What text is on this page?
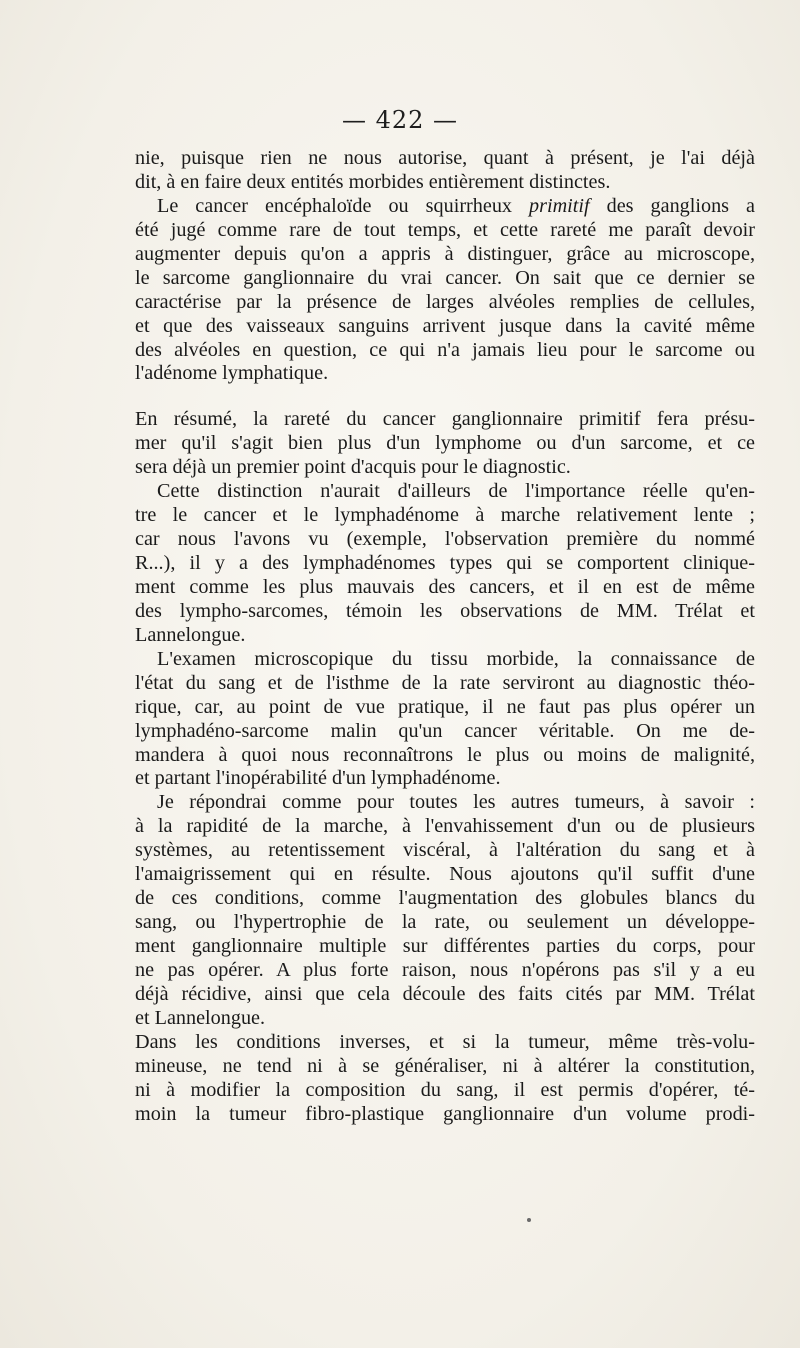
— 422 —
nie, puisque rien ne nous autorise, quant à présent, je l'ai déjà
dit, à en faire deux entités morbides entièrement distinctes.
Le cancer encéphaloïde ou squirrheux primitif des ganglions a
été jugé comme rare de tout temps, et cette rareté me paraît devoir
augmenter depuis qu'on a appris à distinguer, grâce au microscope,
le sarcome ganglionnaire du vrai cancer. On sait que ce dernier se
caractérise par la présence de larges alvéoles remplies de cellules,
et que des vaisseaux sanguins arrivent jusque dans la cavité même
des alvéoles en question, ce qui n'a jamais lieu pour le sarcome ou
l'adénome lymphatique.
En résumé, la rareté du cancer ganglionnaire primitif fera présu-
mer qu'il s'agit bien plus d'un lymphome ou d'un sarcome, et ce
sera déjà un premier point d'acquis pour le diagnostic.
Cette distinction n'aurait d'ailleurs de l'importance réelle qu'en-
tre le cancer et le lymphadénome à marche relativement lente ;
car nous l'avons vu (exemple, l'observation première du nommé
R...), il y a des lymphadénomes types qui se comportent clinique-
ment comme les plus mauvais des cancers, et il en est de même
des lympho-sarcomes, témoin les observations de MM. Trélat et
Lannelongue.
L'examen microscopique du tissu morbide, la connaissance de
l'état du sang et de l'isthme de la rate serviront au diagnostic théo-
rique, car, au point de vue pratique, il ne faut pas plus opérer un
lymphadéno-sarcome malin qu'un cancer véritable. On me de-
mandera à quoi nous reconnaîtrons le plus ou moins de malignité,
et partant l'inopérabilité d'un lymphadénome.
Je répondrai comme pour toutes les autres tumeurs, à savoir :
à la rapidité de la marche, à l'envahissement d'un ou de plusieurs
systèmes, au retentissement viscéral, à l'altération du sang et à
l'amaigrissement qui en résulte. Nous ajoutons qu'il suffit d'une
de ces conditions, comme l'augmentation des globules blancs du
sang, ou l'hypertrophie de la rate, ou seulement un développe-
ment ganglionnaire multiple sur différentes parties du corps, pour
ne pas opérer. A plus forte raison, nous n'opérons pas s'il y a eu
déjà récidive, ainsi que cela découle des faits cités par MM. Trélat
et Lannelongue.
Dans les conditions inverses, et si la tumeur, même très-volu-
mineuse, ne tend ni à se généraliser, ni à altérer la constitution,
ni à modifier la composition du sang, il est permis d'opérer, té-
moin la tumeur fibro-plastique ganglionnaire d'un volume prodi-
